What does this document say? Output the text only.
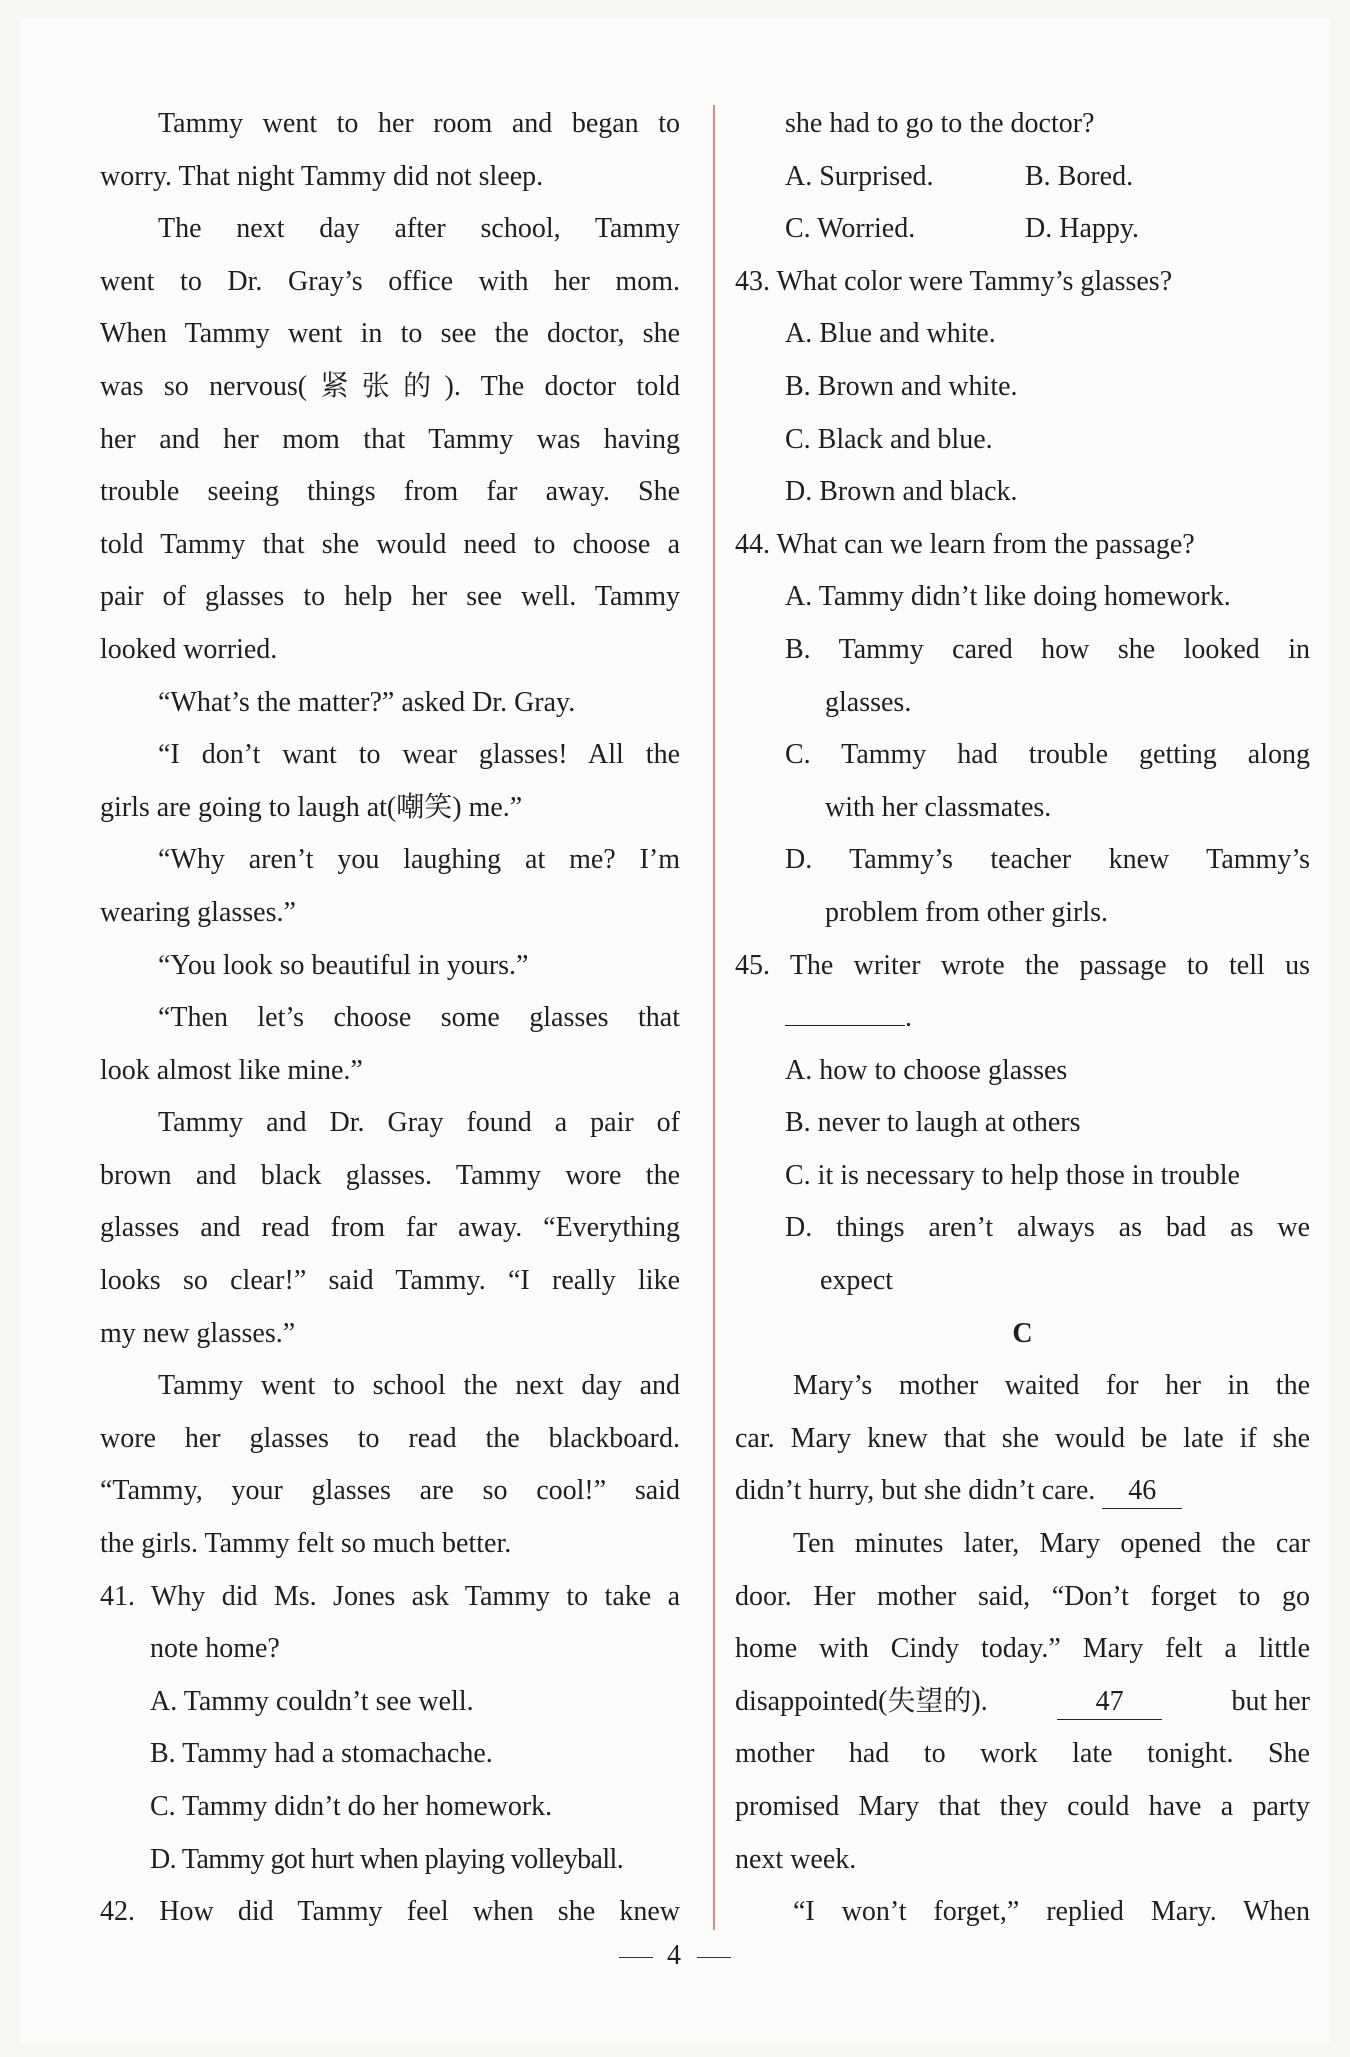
Tammy went to her room and began to
worry. That night Tammy did not sleep.
The next day after school, Tammy
went to Dr. Gray’s office with her mom.
When Tammy went in to see the doctor, she
was so nervous(紧张的). The doctor told
her and her mom that Tammy was having
trouble seeing things from far away. She
told Tammy that she would need to choose a
pair of glasses to help her see well. Tammy
looked worried.
“What’s the matter?” asked Dr. Gray.
“I don’t want to wear glasses! All the
girls are going to laugh at(嘲笑) me.”
“Why aren’t you laughing at me? I’m
wearing glasses.”
“You look so beautiful in yours.”
“Then let’s choose some glasses that
look almost like mine.”
Tammy and Dr. Gray found a pair of
brown and black glasses. Tammy wore the
glasses and read from far away. “Everything
looks so clear!” said Tammy. “I really like
my new glasses.”
Tammy went to school the next day and
wore her glasses to read the blackboard.
“Tammy, your glasses are so cool!” said
the girls. Tammy felt so much better.
41. Why did Ms. Jones ask Tammy to take a
note home?
A. Tammy couldn’t see well.
B. Tammy had a stomachache.
C. Tammy didn’t do her homework.
D. Tammy got hurt when playing volleyball.
42. How did Tammy feel when she knew
she had to go to the doctor?
A. Surprised.	B. Bored.
C. Worried.	D. Happy.
43. What color were Tammy’s glasses?
A. Blue and white.
B. Brown and white.
C. Black and blue.
D. Brown and black.
44. What can we learn from the passage?
A. Tammy didn’t like doing homework.
B. Tammy cared how she looked in
glasses.
C. Tammy had trouble getting along
with her classmates.
D. Tammy’s teacher knew Tammy’s
problem from other girls.
45. The writer wrote the passage to tell us
.
A. how to choose glasses
B. never to laugh at others
C. it is necessary to help those in trouble
D. things aren’t always as bad as we
expect
C
Mary’s mother waited for her in the
car. Mary knew that she would be late if she
didn’t hurry, but she didn’t care. 46
Ten minutes later, Mary opened the car
door. Her mother said, “Don’t forget to go
home with Cindy today.” Mary felt a little
disappointed(失望的).	47	but her
mother had to work late tonight. She
promised Mary that they could have a party
next week.
“I won’t forget,” replied Mary. When
4
